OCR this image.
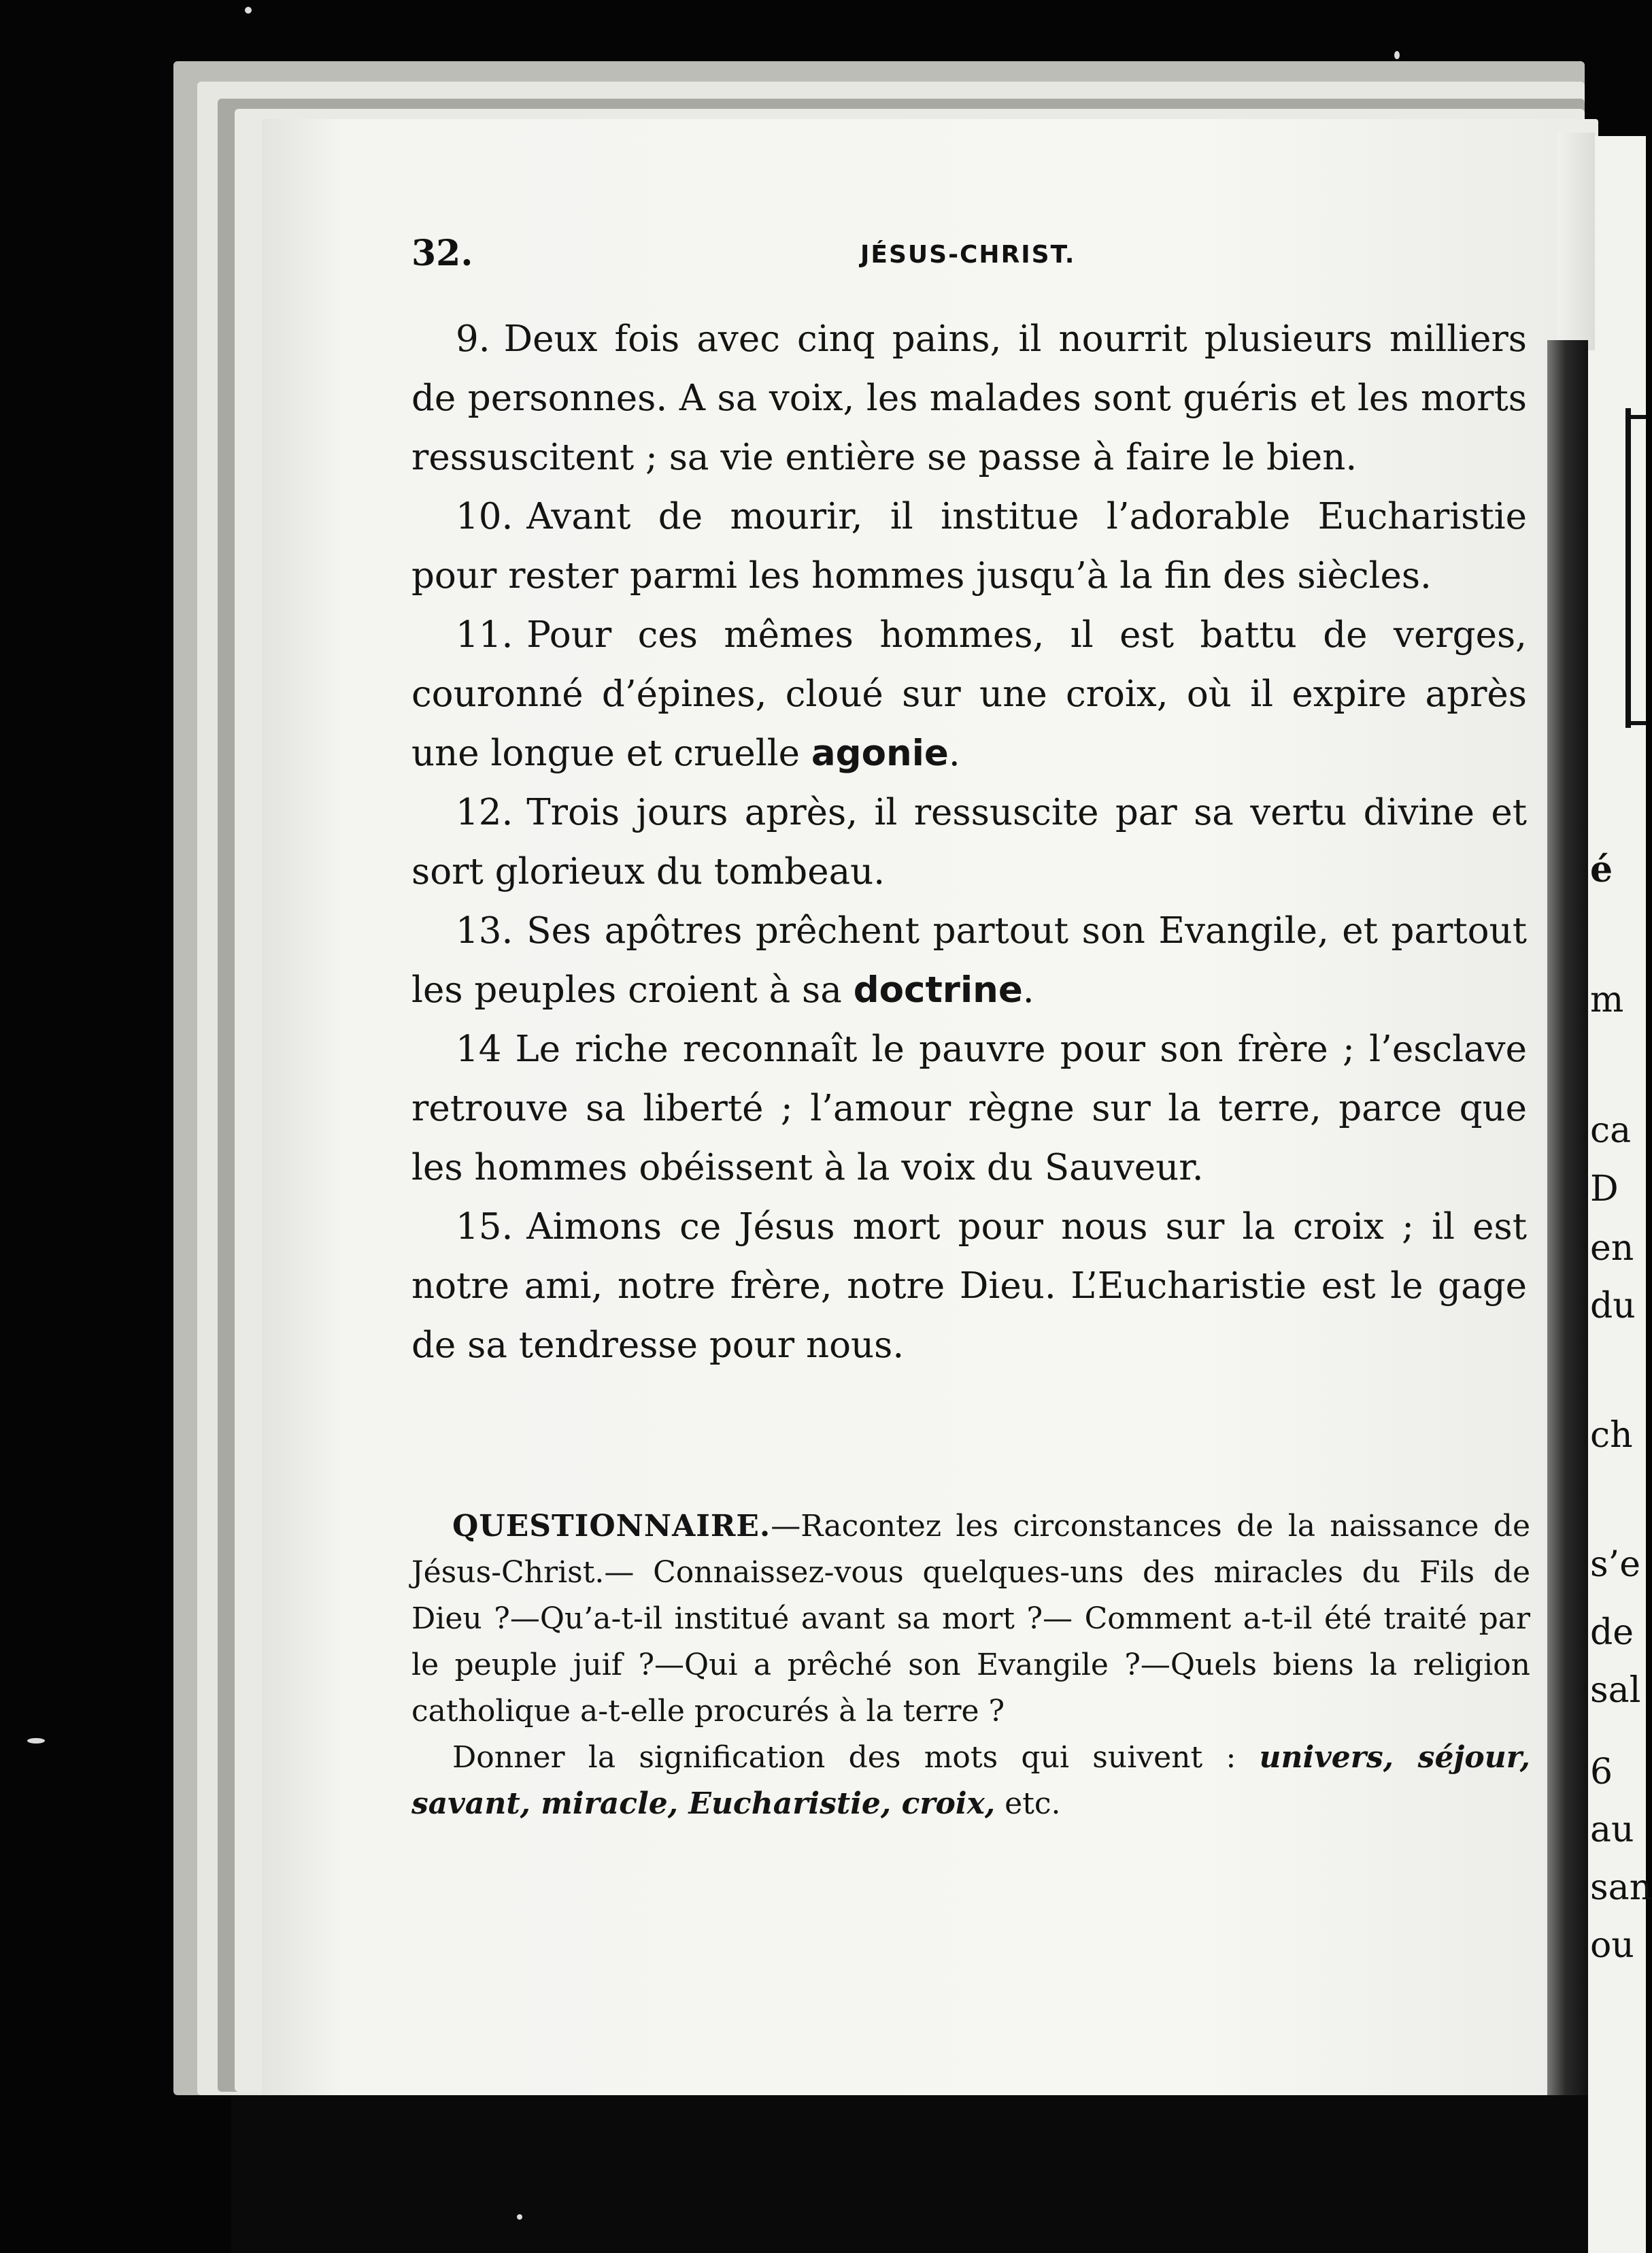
é
m
ca
D
en
du
ch
s’e
de
sal
6
au
san
ou
32.	JÉSUS-CHRIST.

9. Deux fois avec cinq pains, il nourrit plusieurs milliers de personnes. A sa voix, les malades sont guéris et les morts ressuscitent ; sa vie entière se passe à faire le bien.

10. Avant de mourir, il institue l’adorable Eucharistie pour rester parmi les hommes jusqu’à la fin des siècles.

11. Pour ces mêmes hommes, ıl est battu de verges, couronné d’épines, cloué sur une croix, où il expire après une longue et cruelle agonie.

12. Trois jours après, il ressuscite par sa vertu divine et sort glorieux du tombeau.

13. Ses apôtres prêchent partout son Evangile, et partout les peuples croient à sa doctrine.

14 Le riche reconnaît le pauvre pour son frère ; l’esclave retrouve sa liberté ; l’amour règne sur la terre, parce que les hommes obéissent à la voix du Sauveur.

15. Aimons ce Jésus mort pour nous sur la croix ; il est notre ami, notre frère, notre Dieu. L’Eucharistie est le gage de sa tendresse pour nous.

QUESTIONNAIRE.—Racontez les circonstances de la naissance de Jésus-Christ.— Connaissez-vous quelques-uns des miracles du Fils de Dieu ?—Qu’a-t-il institué avant sa mort ?— Comment a-t-il été traité par le peuple juif ?—Qui a prêché son Evangile ?—Quels biens la religion catholique a-t-elle procurés à la terre ?

Donner la signification des mots qui suivent : univers, séjour, savant, miracle, Eucharistie, croix, etc.
